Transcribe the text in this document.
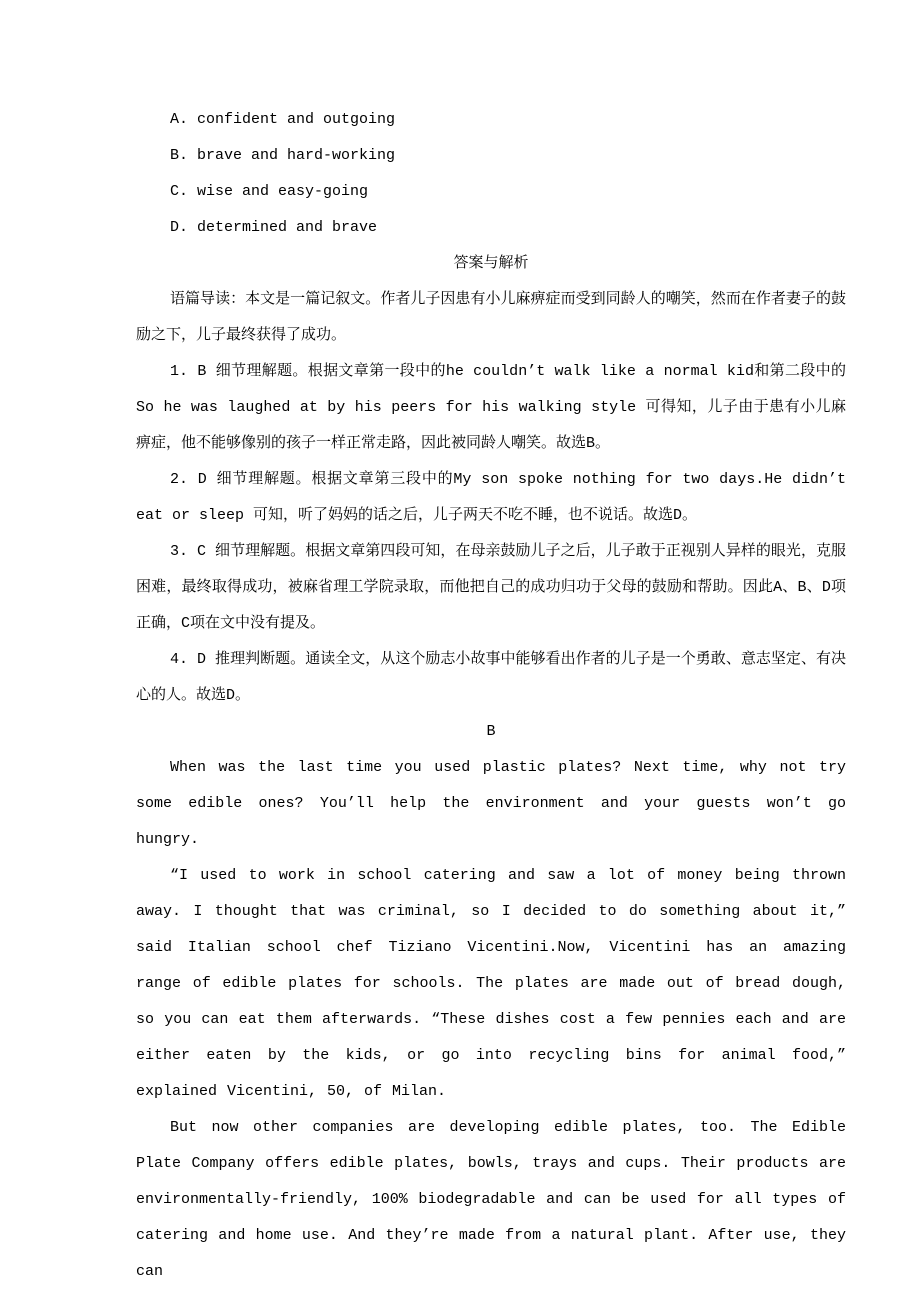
A. confident and outgoing
B. brave and hard-working
C. wise and easy-going
D. determined and brave
答案与解析

语篇导读：本文是一篇记叙文。作者儿子因患有小儿麻痹症而受到同龄人的嘲笑，然而在作者妻子的鼓励之下，儿子最终获得了成功。

1. B 细节理解题。根据文章第一段中的he couldn’t walk like a normal kid和第二段中的So he was laughed at by his peers for his walking style 可得知，儿子由于患有小儿麻痹症，他不能够像别的孩子一样正常走路，因此被同龄人嘲笑。故选B。

2. D 细节理解题。根据文章第三段中的My son spoke nothing for two days.He didn’t eat or sleep 可知，听了妈妈的话之后，儿子两天不吃不睡，也不说话。故选D。

3. C 细节理解题。根据文章第四段可知，在母亲鼓励儿子之后，儿子敢于正视别人异样的眼光，克服困难，最终取得成功，被麻省理工学院录取，而他把自己的成功归功于父母的鼓励和帮助。因此A、B、D项正确，C项在文中没有提及。

4. D 推理判断题。通读全文，从这个励志小故事中能够看出作者的儿子是一个勇敢、意志坚定、有决心的人。故选D。

B

When was the last time you used plastic plates? Next time, why not try some edible ones? You’ll help the environment and your guests won’t go hungry.

“I used to work in school catering and saw a lot of money being thrown away. I thought that was criminal, so I decided to do something about it,” said Italian school chef Tiziano Vicentini.Now, Vicentini has an amazing range of edible plates for schools. The plates are made out of bread dough, so you can eat them afterwards. “These dishes cost a few pennies each and are either eaten by the kids, or go into recycling bins for animal food,” explained Vicentini, 50, of Milan.

But now other companies are developing edible plates, too. The Edible Plate Company offers edible plates, bowls, trays and cups. Their products are environmentally-friendly, 100% biodegradable and can be used for all types of catering and home use. And they’re made from a natural plant. After use, they can
